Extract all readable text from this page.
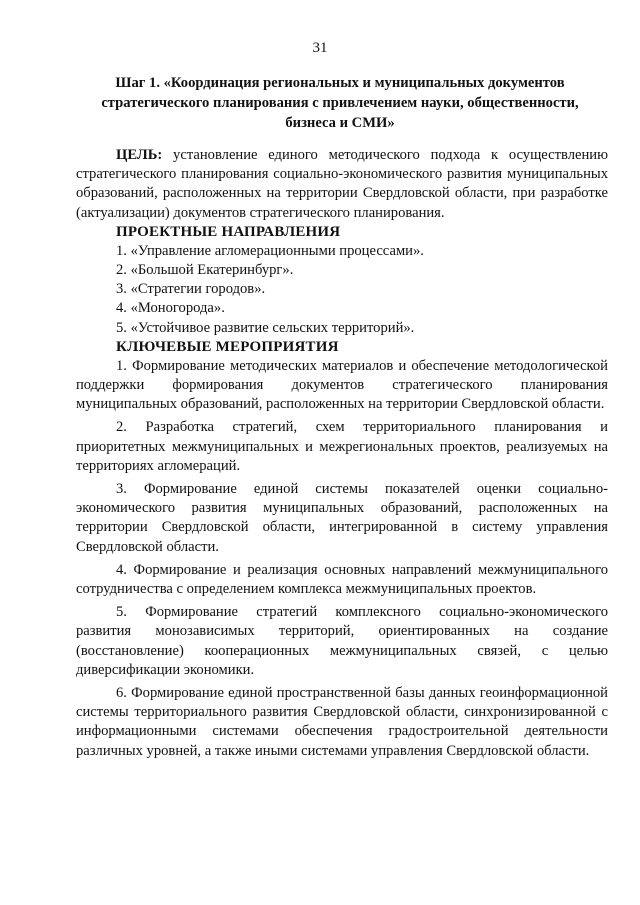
31
Шаг 1. «Координация региональных и муниципальных документов
стратегического планирования с привлечением науки, общественности,
бизнеса и СМИ»

ЦЕЛЬ: установление единого методического подхода к осуществлению стратегического планирования социально-экономического развития муниципальных образований, расположенных на территории Свердловской области, при разработке (актуализации) документов стратегического планирования.

ПРОЕКТНЫЕ НАПРАВЛЕНИЯ
1. «Управление агломерационными процессами».
2. «Большой Екатеринбург».
3. «Стратегии городов».
4. «Моногорода».
5. «Устойчивое развитие сельских территорий».
КЛЮЧЕВЫЕ МЕРОПРИЯТИЯ
1. Формирование методических материалов и обеспечение методологической поддержки формирования документов стратегического планирования муниципальных образований, расположенных на территории Свердловской области.
2. Разработка стратегий, схем территориального планирования и приоритетных межмуниципальных и межрегиональных проектов, реализуемых на территориях агломераций.
3. Формирование единой системы показателей оценки социально-экономического развития муниципальных образований, расположенных на территории Свердловской области, интегрированной в систему управления Свердловской области.
4. Формирование и реализация основных направлений межмуниципального сотрудничества с определением комплекса межмуниципальных проектов.
5. Формирование стратегий комплексного социально-экономического развития монозависимых территорий, ориентированных на создание (восстановление) кооперационных межмуниципальных связей, с целью диверсификации экономики.
6. Формирование единой пространственной базы данных геоинформационной системы территориального развития Свердловской области, синхронизированной с информационными системами обеспечения градостроительной деятельности различных уровней, а также иными системами управления Свердловской области.
